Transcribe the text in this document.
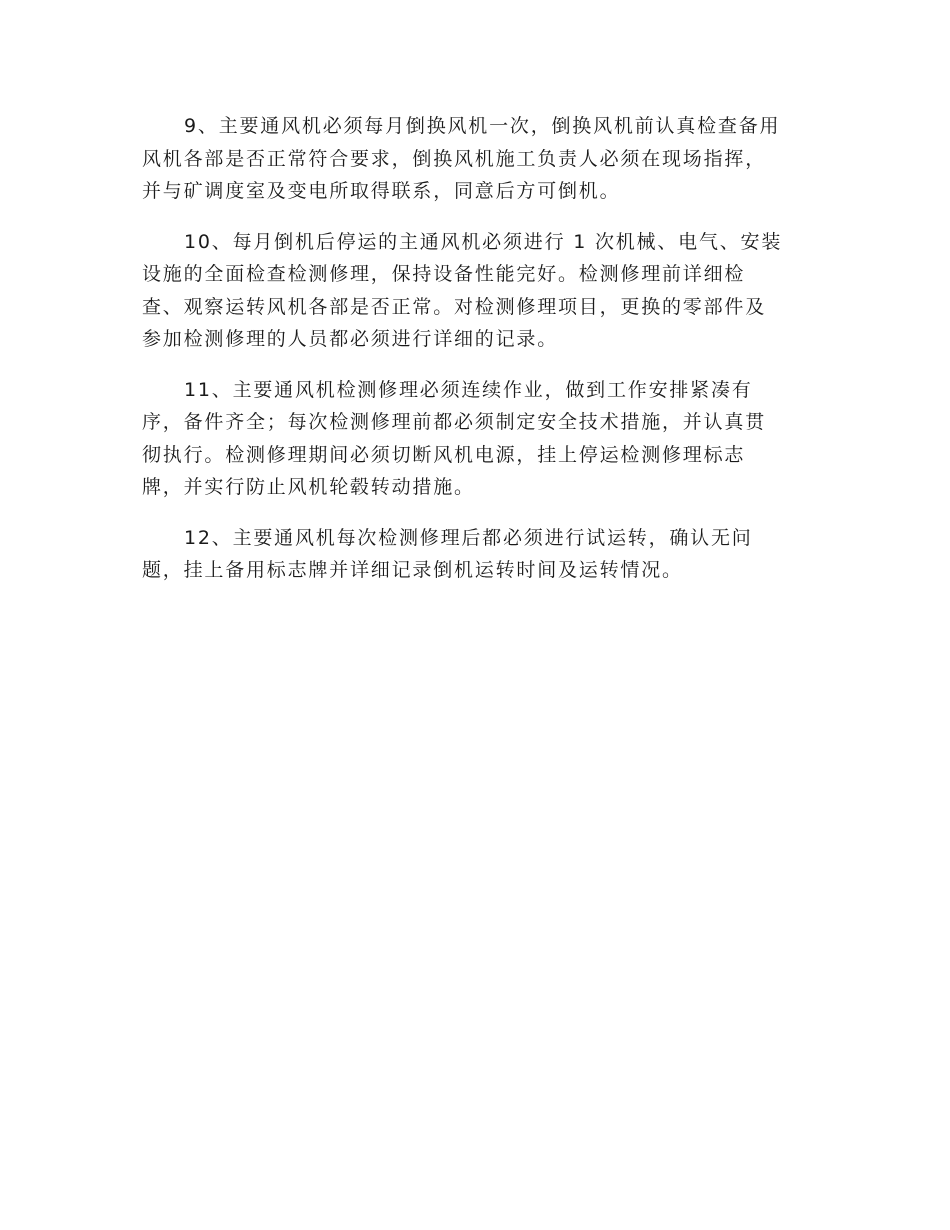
9、主要通风机必须每月倒换风机一次，倒换风机前认真检查备用
风机各部是否正常符合要求，倒换风机施工负责人必须在现场指挥，
并与矿调度室及变电所取得联系，同意后方可倒机。

10、每月倒机后停运的主通风机必须进行 1 次机械、电气、安装
设施的全面检查检测修理，保持设备性能完好。检测修理前详细检
查、观察运转风机各部是否正常。对检测修理项目，更换的零部件及
参加检测修理的人员都必须进行详细的记录。

11、主要通风机检测修理必须连续作业，做到工作安排紧凑有
序，备件齐全；每次检测修理前都必须制定安全技术措施，并认真贯
彻执行。检测修理期间必须切断风机电源，挂上停运检测修理标志
牌，并实行防止风机轮毂转动措施。

12、主要通风机每次检测修理后都必须进行试运转，确认无问
题，挂上备用标志牌并详细记录倒机运转时间及运转情况。
